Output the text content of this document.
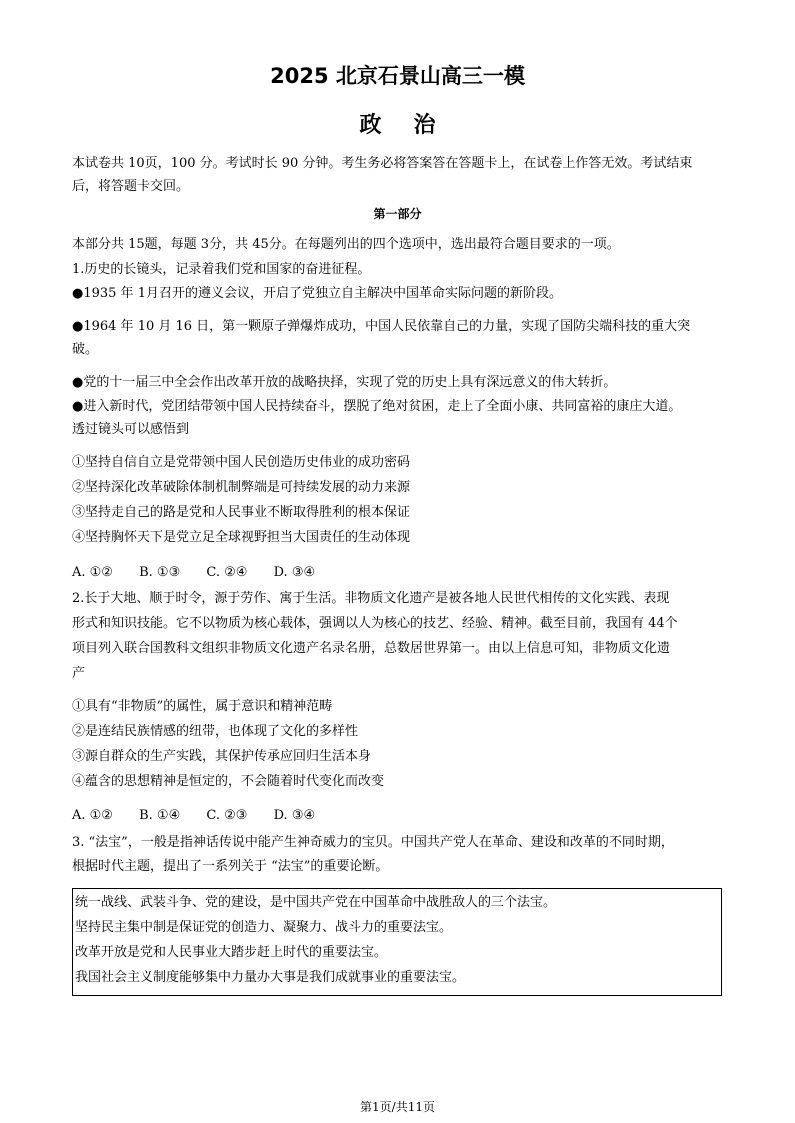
2025 北京石景山高三一模
政治
本试卷共 10页，100 分。考试时长 90 分钟。考生务必将答案答在答题卡上，在试卷上作答无效。考试结束
后，将答题卡交回。
第一部分
本部分共 15题，每题 3分，共 45分。在每题列出的四个选项中，选出最符合题目要求的一项。
1.历史的长镜头，记录着我们党和国家的奋进征程。
●1935 年 1月召开的遵义会议，开启了党独立自主解决中国革命实际问题的新阶段。
●1964 年 10 月 16 日，第一颗原子弹爆炸成功，中国人民依靠自己的力量，实现了国防尖端科技的重大突
破。
●党的十一届三中全会作出改革开放的战略抉择，实现了党的历史上具有深远意义的伟大转折。
●进入新时代，党团结带领中国人民持续奋斗，摆脱了绝对贫困，走上了全面小康、共同富裕的康庄大道。
透过镜头可以感悟到
①坚持自信自立是党带领中国人民创造历史伟业的成功密码
②坚持深化改革破除体制机制弊端是可持续发展的动力来源
③坚持走自己的路是党和人民事业不断取得胜利的根本保证
④坚持胸怀天下是党立足全球视野担当大国责任的生动体现
A. ①② B. ①③ C. ②④ D. ③④
2.长于大地、顺于时令，源于劳作、寓于生活。非物质文化遗产是被各地人民世代相传的文化实践、表现
形式和知识技能。它不以物质为核心载体，强调以人为核心的技艺、经验、精神。截至目前，我国有 44个
项目列入联合国教科文组织非物质文化遗产名录名册，总数居世界第一。由以上信息可知，非物质文化遗
产
①具有“非物质”的属性，属于意识和精神范畴
②是连结民族情感的纽带，也体现了文化的多样性
③源自群众的生产实践，其保护传承应回归生活本身
④蕴含的思想精神是恒定的，不会随着时代变化而改变
A. ①② B. ①④ C. ②③ D. ③④
3. “法宝”，一般是指神话传说中能产生神奇威力的宝贝。中国共产党人在革命、建设和改革的不同时期，
根据时代主题，提出了一系列关于 “法宝”的重要论断。
统一战线、武装斗争、党的建设，是中国共产党在中国革命中战胜敌人的三个法宝。
坚持民主集中制是保证党的创造力、凝聚力、战斗力的重要法宝。
改革开放是党和人民事业大踏步赶上时代的重要法宝。
我国社会主义制度能够集中力量办大事是我们成就事业的重要法宝。
第1页/共11页
